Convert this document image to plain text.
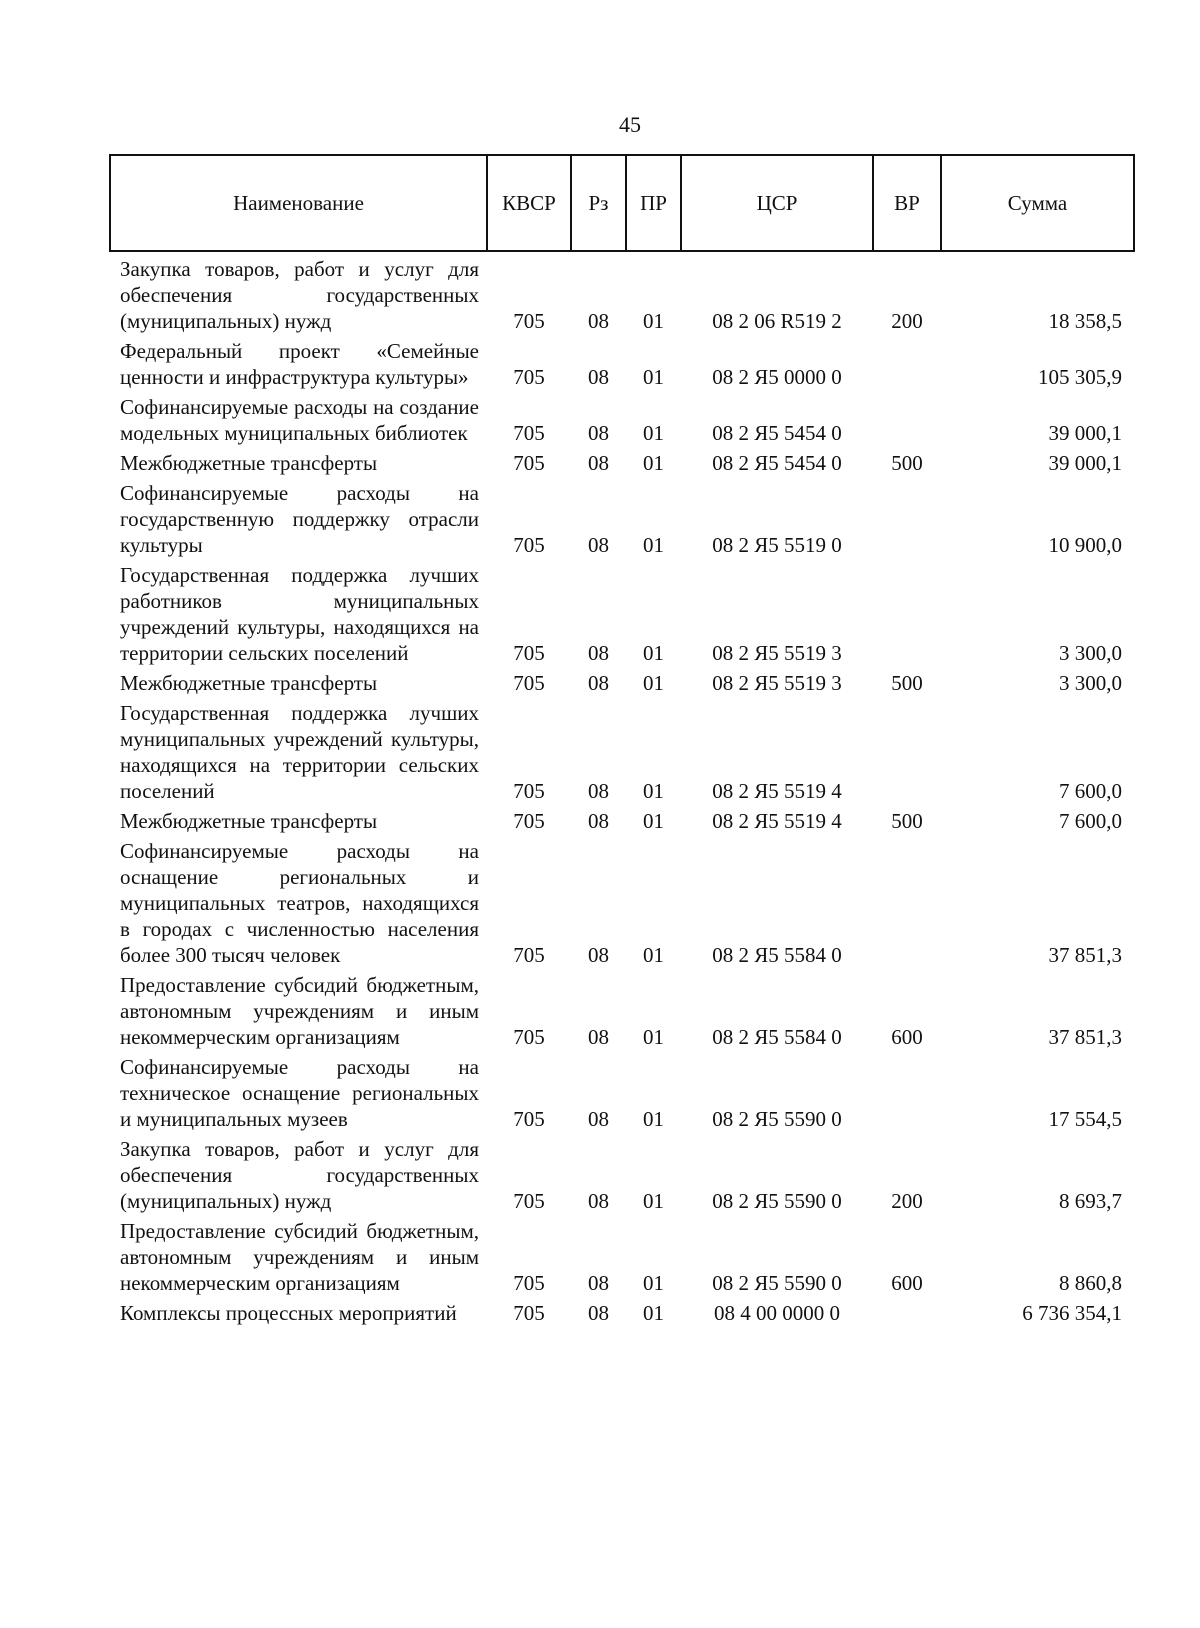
45
Наименование	КВСР	Рз	ПР	ЦСР	ВР	Сумма
Закупка товаров, работ и услуг для обеспечения государственных (муниципальных) нужд	705	08	01	08 2 06 R519 2	200	18 358,5
Федеральный проект «Семейные ценности и инфраструктура культуры»	705	08	01	08 2 Я5 0000 0		105 305,9
Софинансируемые расходы на создание модельных муниципальных библиотек	705	08	01	08 2 Я5 5454 0		39 000,1
Межбюджетные трансферты	705	08	01	08 2 Я5 5454 0	500	39 000,1
Софинансируемые расходы на государственную поддержку отрасли культуры	705	08	01	08 2 Я5 5519 0		10 900,0
Государственная поддержка лучших работников муниципальных учреждений культуры, находящихся на территории сельских поселений	705	08	01	08 2 Я5 5519 3		3 300,0
Межбюджетные трансферты	705	08	01	08 2 Я5 5519 3	500	3 300,0
Государственная поддержка лучших муниципальных учреждений культуры, находящихся на территории сельских поселений	705	08	01	08 2 Я5 5519 4		7 600,0
Межбюджетные трансферты	705	08	01	08 2 Я5 5519 4	500	7 600,0
Софинансируемые расходы на оснащение региональных и муниципальных театров, находящихся в городах с численностью населения более 300 тысяч человек	705	08	01	08 2 Я5 5584 0		37 851,3
Предоставление субсидий бюджетным, автономным учреждениям и иным некоммерческим организациям	705	08	01	08 2 Я5 5584 0	600	37 851,3
Софинансируемые расходы на техническое оснащение региональных и муниципальных музеев	705	08	01	08 2 Я5 5590 0		17 554,5
Закупка товаров, работ и услуг для обеспечения государственных (муниципальных) нужд	705	08	01	08 2 Я5 5590 0	200	8 693,7
Предоставление субсидий бюджетным, автономным учреждениям и иным некоммерческим организациям	705	08	01	08 2 Я5 5590 0	600	8 860,8
Комплексы процессных мероприятий	705	08	01	08 4 00 0000 0		6 736 354,1
